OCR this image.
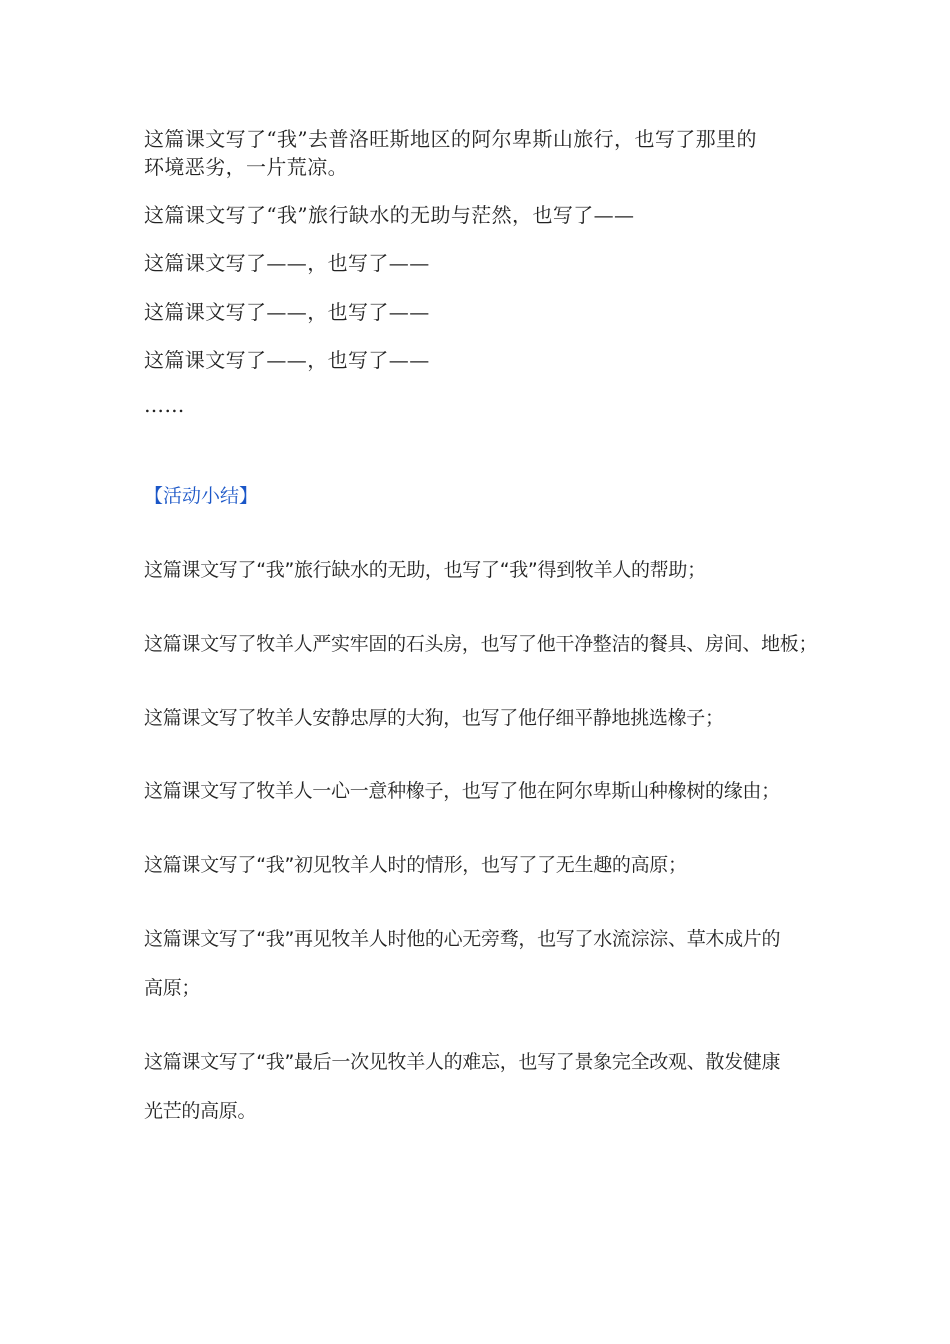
这篇课文写了“我”去普洛旺斯地区的阿尔卑斯山旅行，也写了那里的
环境恶劣，一片荒凉。
这篇课文写了“我”旅行缺水的无助与茫然，也写了——
这篇课文写了——，也写了——
这篇课文写了——，也写了——
这篇课文写了——，也写了——
……
【活动小结】
这篇课文写了“我”旅行缺水的无助，也写了“我”得到牧羊人的帮助；
这篇课文写了牧羊人严实牢固的石头房，也写了他干净整洁的餐具、房间、地板；
这篇课文写了牧羊人安静忠厚的大狗，也写了他仔细平静地挑选橡子；
这篇课文写了牧羊人一心一意种橡子，也写了他在阿尔卑斯山种橡树的缘由；
这篇课文写了“我”初见牧羊人时的情形，也写了了无生趣的高原；
这篇课文写了“我”再见牧羊人时他的心无旁骛，也写了水流淙淙、草木成片的
高原；
这篇课文写了“我”最后一次见牧羊人的难忘，也写了景象完全改观、散发健康
光芒的高原。
